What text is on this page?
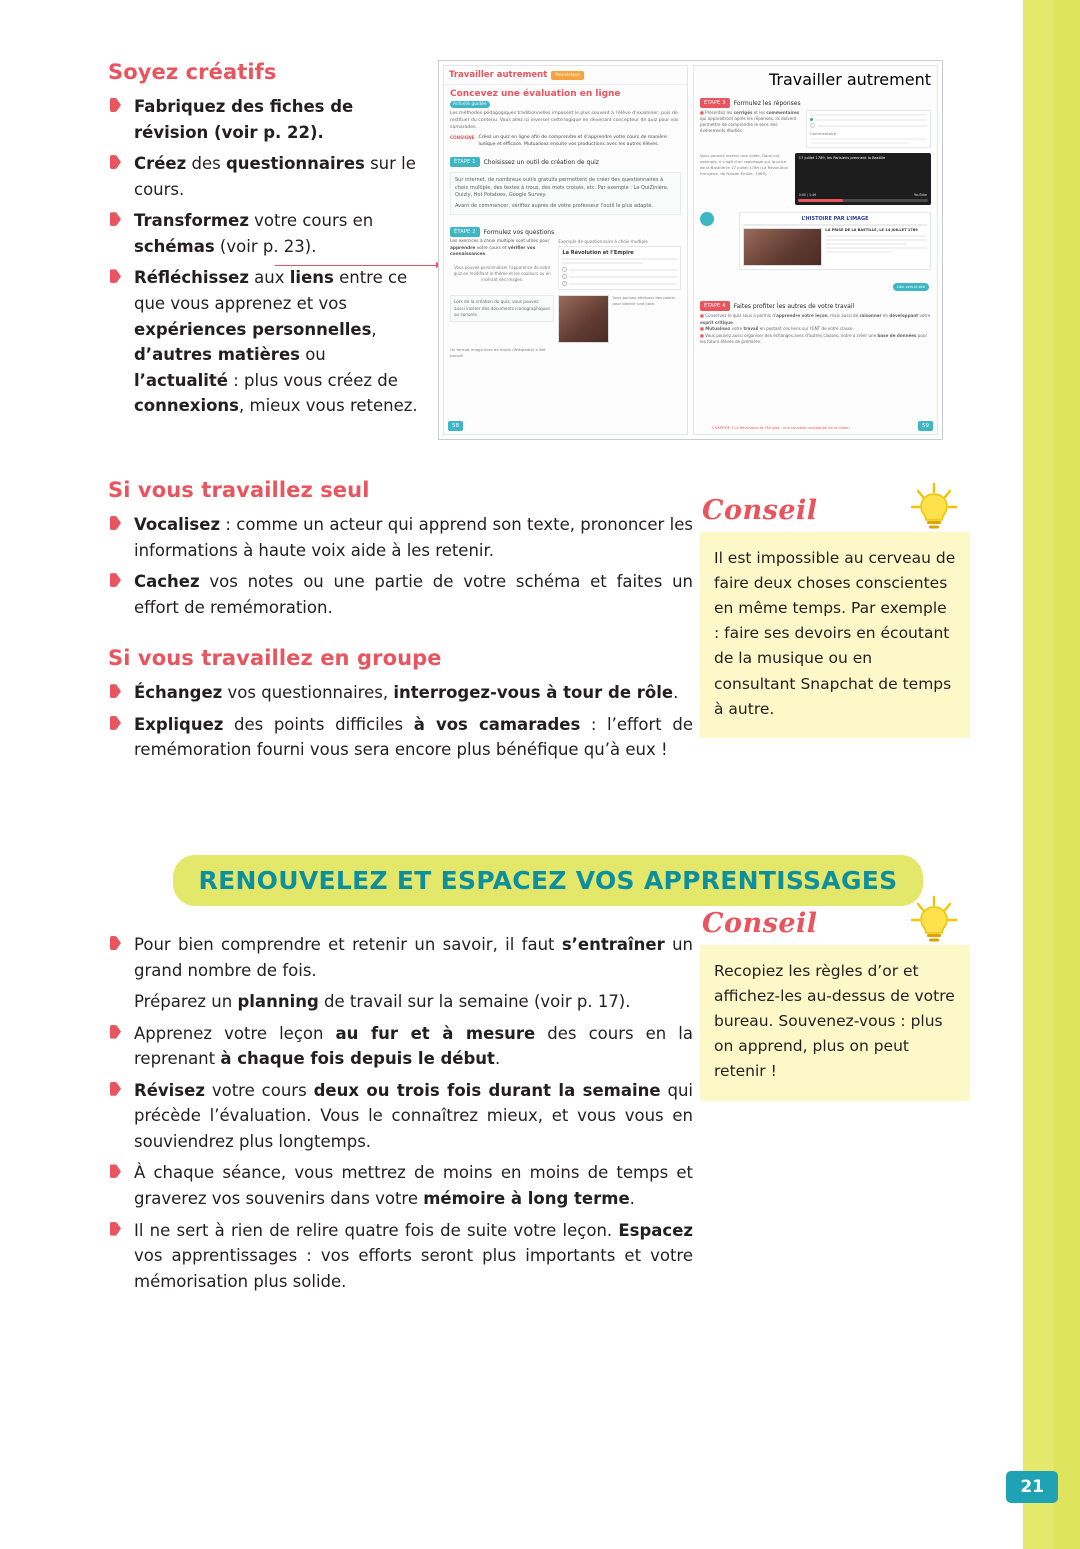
Soyez créatifs
Fabriquez des fiches de révision (voir p. 22).
Créez des questionnaires sur le cours.
Transformez votre cours en schémas (voir p. 23).
Réfléchissez aux liens entre ce que vous apprenez et vos expériences personnelles, d’autres matières ou l’actualité : plus vous créez de connexions, mieux vous retenez.
Travailler autrement	Numérique
Concevez une évaluation en ligne
Activité guidée
Les méthodes pédagogiques traditionnelles imposent le plus souvent à l’élève d’examiner, puis de restituer du contenu. Vous allez ici inverser cette logique en devenant concepteur de quiz pour vos camarades.
CONSIGNE Créez un quiz en ligne afin de comprendre et d’apprendre votre cours de manière ludique et efficace. Mutualisez ensuite vos productions avec les autres élèves.
ÉTAPE 1	Choisissez un outil de création de quiz
Sur internet, de nombreux outils gratuits permettent de créer des questionnaires à choix multiple, des textes à trous, des mots croisés, etc. Par exemple : La QuiZinière, Quizly, Hot Potatoes, Google Survey.
Avant de commencer, vérifiez auprès de votre professeur l'outil le plus adapté.
ÉTAPE 2	Formulez vos questions
Les exercices à choix multiple sont utiles pour apprendre votre cours et vérifier vos connaissances.
Vous pouvez personnaliser l'apparence de votre quiz en modifiant le thème et les couleurs ou en insérant des images.
Exemple de questionnaire à choix multiple
La Révolution et l’Empire
Lors de la création du quiz, vous pouvez aussi insérer des documents iconographiques ou sonores.
Vous pouvez attribuer des points pour obtenir une note.
Un format image libre de droits (Wikipedia) a été trouvé.

58
Travailler autrement
ÉTAPE 3	Formulez les réponses
■ Présentez les corrigés et les commentaires qui apparaîtront après les réponses, ils doivent permettre de comprendre le sens des évènements étudiés.
Commentaire
Vous pouvez insérer une vidéo. Dans cet exemple, il s'agit d'un reportage sur la prise de la Bastille le 17 juillet 1789 (La Révolution française, de Noisiel Émilie, 1989).
17 juillet 1789, les Parisiens prennent la Bastille
0:00 / 1:46	YouTube
L’HISTOIRE PAR L’IMAGE
LA PRISE DE LA BASTILLE, LE 14 JUILLET 1789
Lien vers le site
ÉTAPE 4	Faites profiter les autres de votre travail
■ Conservez le quiz sous a permis d'apprendre votre leçon, mais aussi de raisonner en développant votre esprit critique.
■ Mutualisez votre travail en postant ces liens sur l'ENT de votre classe.
■ Vous pouvez aussi organiser des échanges avec d'autres classes, notre a créer une base de données pour les futurs élèves de première.
CHAPITRE 1 La Révolution et l’Empire : une nouvelle conception de la nation	59
Si vous travaillez seul
Vocalisez : comme un acteur qui apprend son texte, prononcer les informations à haute voix aide à les retenir.
Cachez vos notes ou une partie de votre schéma et faites un effort de remémoration.
Si vous travaillez en groupe
Échangez vos questionnaires, interrogez-vous à tour de rôle.
Expliquez des points difficiles à vos camarades : l’effort de remémoration fourni vous sera encore plus bénéfique qu’à eux !
RENOUVELEZ ET ESPACEZ VOS APPRENTISSAGES
Pour bien comprendre et retenir un savoir, il faut s’entraîner un grand nombre de fois.

Préparez un planning de travail sur la semaine (voir p. 17).

Apprenez votre leçon au fur et à mesure des cours en la reprenant à chaque fois depuis le début.
Révisez votre cours deux ou trois fois durant la semaine qui précède l’évaluation. Vous le connaîtrez mieux, et vous vous en souviendrez plus longtemps.
À chaque séance, vous mettrez de moins en moins de temps et graverez vos souvenirs dans votre mémoire à long terme.
Il ne sert à rien de relire quatre fois de suite votre leçon. Espacez vos apprentissages : vos efforts seront plus importants et votre mémorisation plus solide.
Conseil
Il est impossible au cerveau de faire deux choses conscientes en même temps. Par exemple : faire ses devoirs en écoutant de la musique ou en consultant Snapchat de temps à autre.
Conseil
Recopiez les règles d’or et affichez-les au-dessus de votre bureau. Souvenez-vous : plus on apprend, plus on peut retenir !
21
